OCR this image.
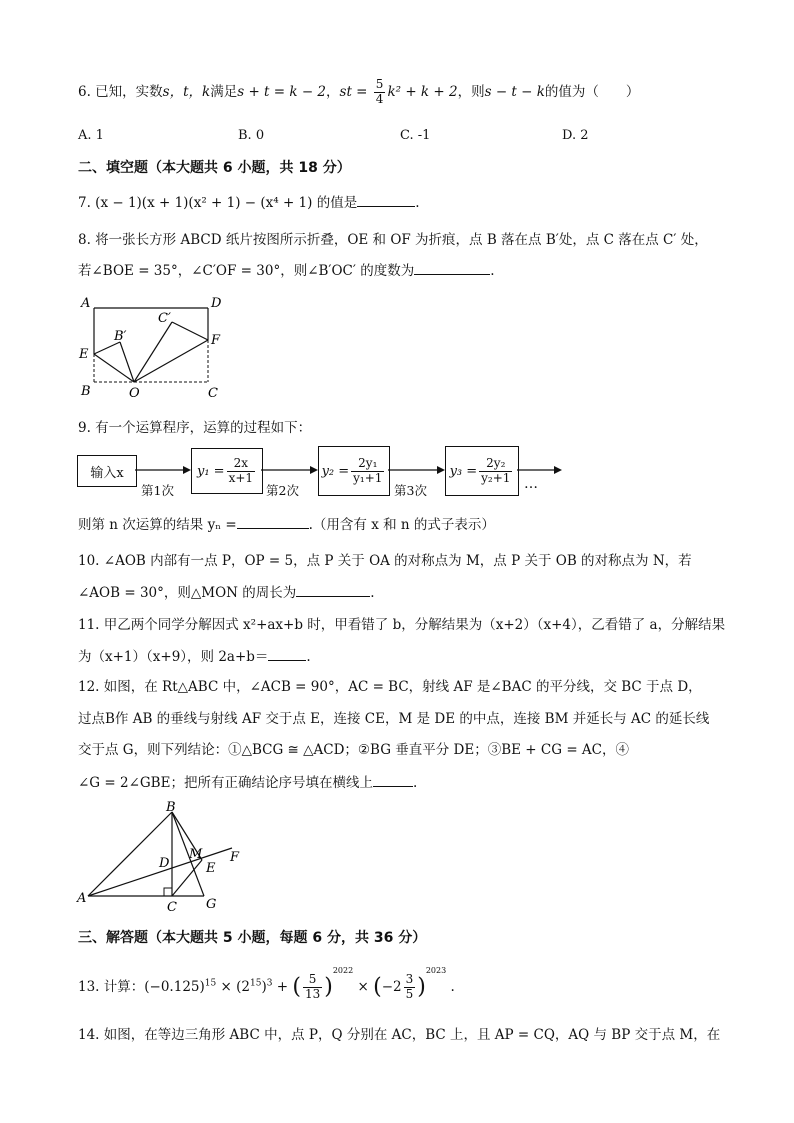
6. 已知，实数s，t，k满足s + t = k − 2，st = $\frac{5}{4} k^2 + k + 2$，则s − t − k的值为（　　）
A. 1	B. 0	C. -1	D. 2
二、填空题（本大题共 6 小题，共 18 分）
7. (x − 1)(x + 1)(x² + 1) − (x⁴ + 1) 的值是	.
8. 将一张长方形 ABCD 纸片按图所示折叠，OE 和 OF 为折痕，点 B 落在点 B′处，点 C 落在点 C′ 处，
若∠BOE = 35°，∠C′OF = 30°，则∠B′OC′ 的度数为	.
A	D
E
F
B	C
O
B′
C′
9. 有一个运算程序，运算的过程如下：
输入x	$y_1 = \frac{2x}{x+1}$	$y_2 = \frac{\text{2y₁}}{\text{y₁+1}}$	$y_3 = \frac{\text{2y₂}}{\text{y₂+1}}$
第1次	第2次	第3次	…
则第 n 次运算的结果 yₙ =	.（用含有 x 和 n 的式子表示）
10. ∠AOB 内部有一点 P，OP = 5，点 P 关于 OA 的对称点为 M，点 P 关于 OB 的对称点为 N，若
∠AOB = 30°，则△MON 的周长为	.
11. 甲乙两个同学分解因式 x²+ax+b 时，甲看错了 b，分解结果为（x+2）（x+4），乙看错了 a，分解结果
为（x+1）（x+9），则 2a+b＝	.
12. 如图，在 Rt△ABC 中，∠ACB = 90°，AC = BC，射线 AF 是∠BAC 的平分线，交 BC 于点 D，
过点B作 AB 的垂线与射线 AF 交于点 E，连接 CE，M 是 DE 的中点，连接 BM 并延长与 AC 的延长线
交于点 G，则下列结论：①△BCG ≅ △ACD；②BG 垂直平分 DE；③BE + CG = AC，④
∠G = 2∠GBE；把所有正确结论序号填在横线上	.
B
D
M F
E
A
C G
三、解答题（本大题共 5 小题，每题 6 分，共 36 分）
13. 计算：$(-0.125)^{15} \times (2^{15})^3$ + ( $\frac{5}{13} )^{2022} \times (-2 \frac{3}{5} )^{2023}$ .
14. 如图，在等边三角形 ABC 中，点 P，Q 分别在 AC，BC 上，且 AP = CQ，AQ 与 BP 交于点 M，在
